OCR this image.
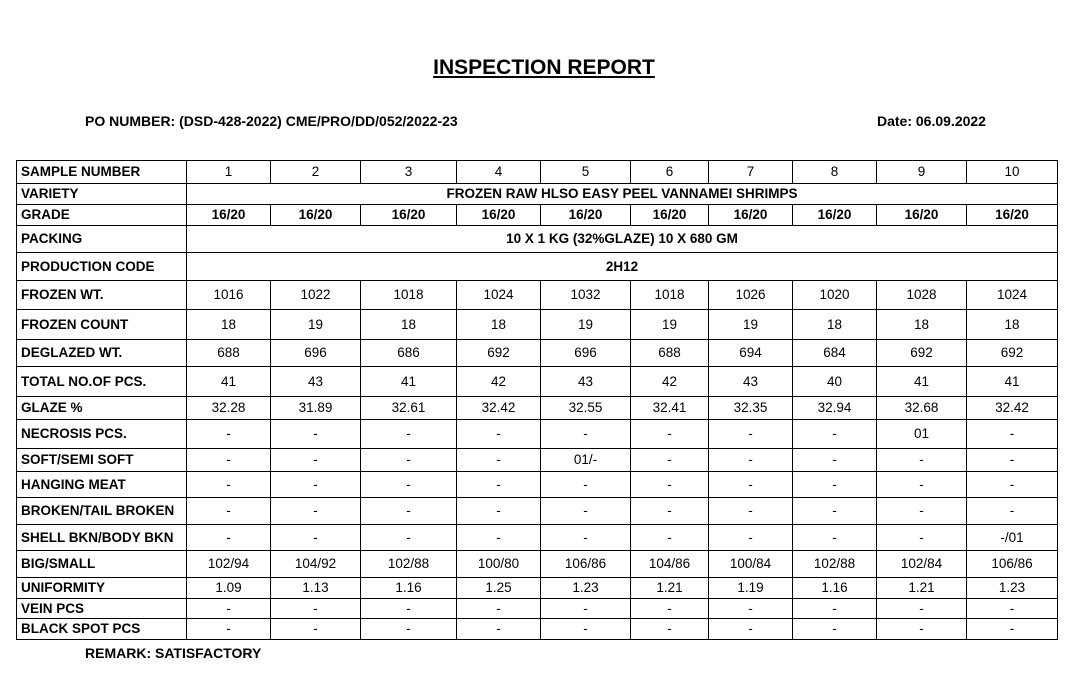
INSPECTION REPORT
PO NUMBER: (DSD-428-2022) CME/PRO/DD/052/2022-23	Date: 06.09.2022
SAMPLE NUMBER	1	2	3	4	5	6	7	8	9	10
VARIETY	FROZEN RAW HLSO EASY PEEL VANNAMEI SHRIMPS									
GRADE	16/20	16/20	16/20	16/20	16/20	16/20	16/20	16/20	16/20	16/20
PACKING	10 X 1 KG (32%GLAZE) 10 X 680 GM									
PRODUCTION CODE	2H12									
FROZEN WT.	1016	1022	1018	1024	1032	1018	1026	1020	1028	1024
FROZEN COUNT	18	19	18	18	19	19	19	18	18	18
DEGLAZED WT.	688	696	686	692	696	688	694	684	692	692
TOTAL NO.OF PCS.	41	43	41	42	43	42	43	40	41	41
GLAZE %	32.28	31.89	32.61	32.42	32.55	32.41	32.35	32.94	32.68	32.42
NECROSIS PCS.	-	-	-	-	-	-	-	-	01	-
SOFT/SEMI SOFT	-	-	-	-	01/-	-	-	-	-	-
HANGING MEAT	-	-	-	-	-	-	-	-	-	-
BROKEN/TAIL BROKEN	-	-	-	-	-	-	-	-	-	-
SHELL BKN/BODY BKN	-	-	-	-	-	-	-	-	-	-/01
BIG/SMALL	102/94	104/92	102/88	100/80	106/86	104/86	100/84	102/88	102/84	106/86
UNIFORMITY	1.09	1.13	1.16	1.25	1.23	1.21	1.19	1.16	1.21	1.23
VEIN PCS	-	-	-	-	-	-	-	-	-	-
BLACK SPOT PCS	-	-	-	-	-	-	-	-	-	-
REMARK: SATISFACTORY
